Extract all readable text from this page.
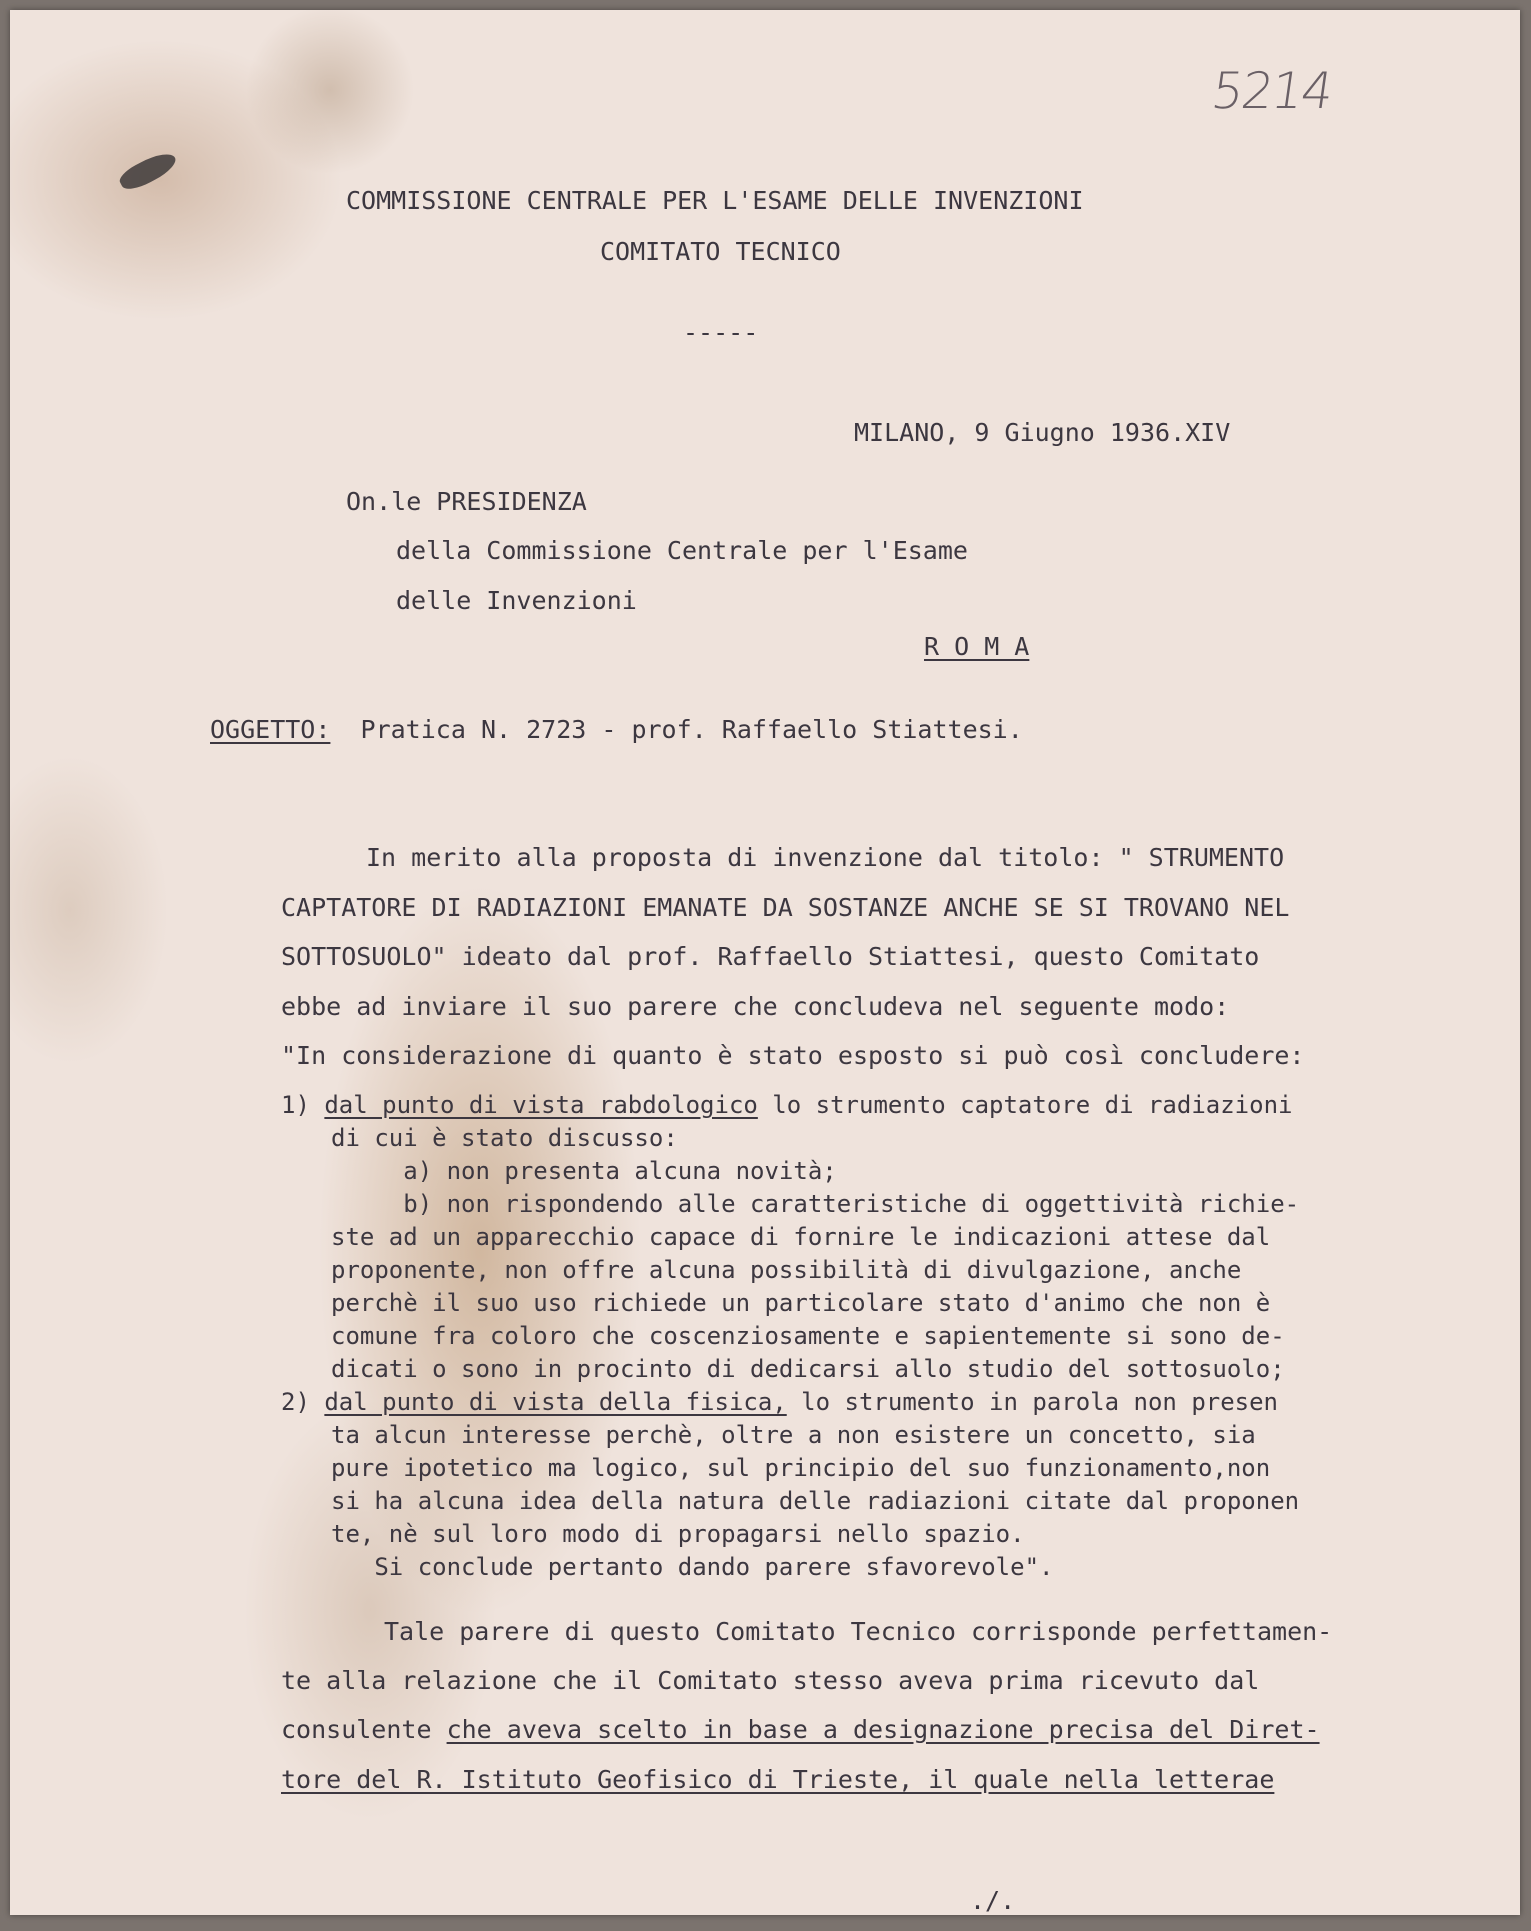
5214

COMMISSIONE CENTRALE PER L'ESAME DELLE INVENZIONI

COMITATO TECNICO

-----

MILANO, 9 Giugno 1936.XIV

On.le PRESIDENZA

della Commissione Centrale per l'Esame

delle Invenzioni

R O M A

OGGETTO: Pratica N. 2723 - prof. Raffaello Stiattesi.

In merito alla proposta di invenzione dal titolo: " STRUMENTO

CAPTATORE DI RADIAZIONI EMANATE DA SOSTANZE ANCHE SE SI TROVANO NEL

SOTTOSUOLO" ideato dal prof. Raffaello Stiattesi, questo Comitato

ebbe ad inviare il suo parere che concludeva nel seguente modo:

"In considerazione di quanto è stato esposto si può così concludere:

1) dal punto di vista rabdologico lo strumento captatore di radiazioni

di cui è stato discusso:

a) non presenta alcuna novità;

b) non rispondendo alle caratteristiche di oggettività richie-

ste ad un apparecchio capace di fornire le indicazioni attese dal

proponente, non offre alcuna possibilità di divulgazione, anche

perchè il suo uso richiede un particolare stato d'animo che non è

comune fra coloro che coscenziosamente e sapientemente si sono de-

dicati o sono in procinto di dedicarsi allo studio del sottosuolo;

2) dal punto di vista della fisica, lo strumento in parola non presen

ta alcun interesse perchè, oltre a non esistere un concetto, sia

pure ipotetico ma logico, sul principio del suo funzionamento,non

si ha alcuna idea della natura delle radiazioni citate dal proponen

te, nè sul loro modo di propagarsi nello spazio.

Si conclude pertanto dando parere sfavorevole".

Tale parere di questo Comitato Tecnico corrisponde perfettamen-

te alla relazione che il Comitato stesso aveva prima ricevuto dal

consulente che aveva scelto in base a designazione precisa del Diret-

tore del R. Istituto Geofisico di Trieste, il quale nella letterae

./.
